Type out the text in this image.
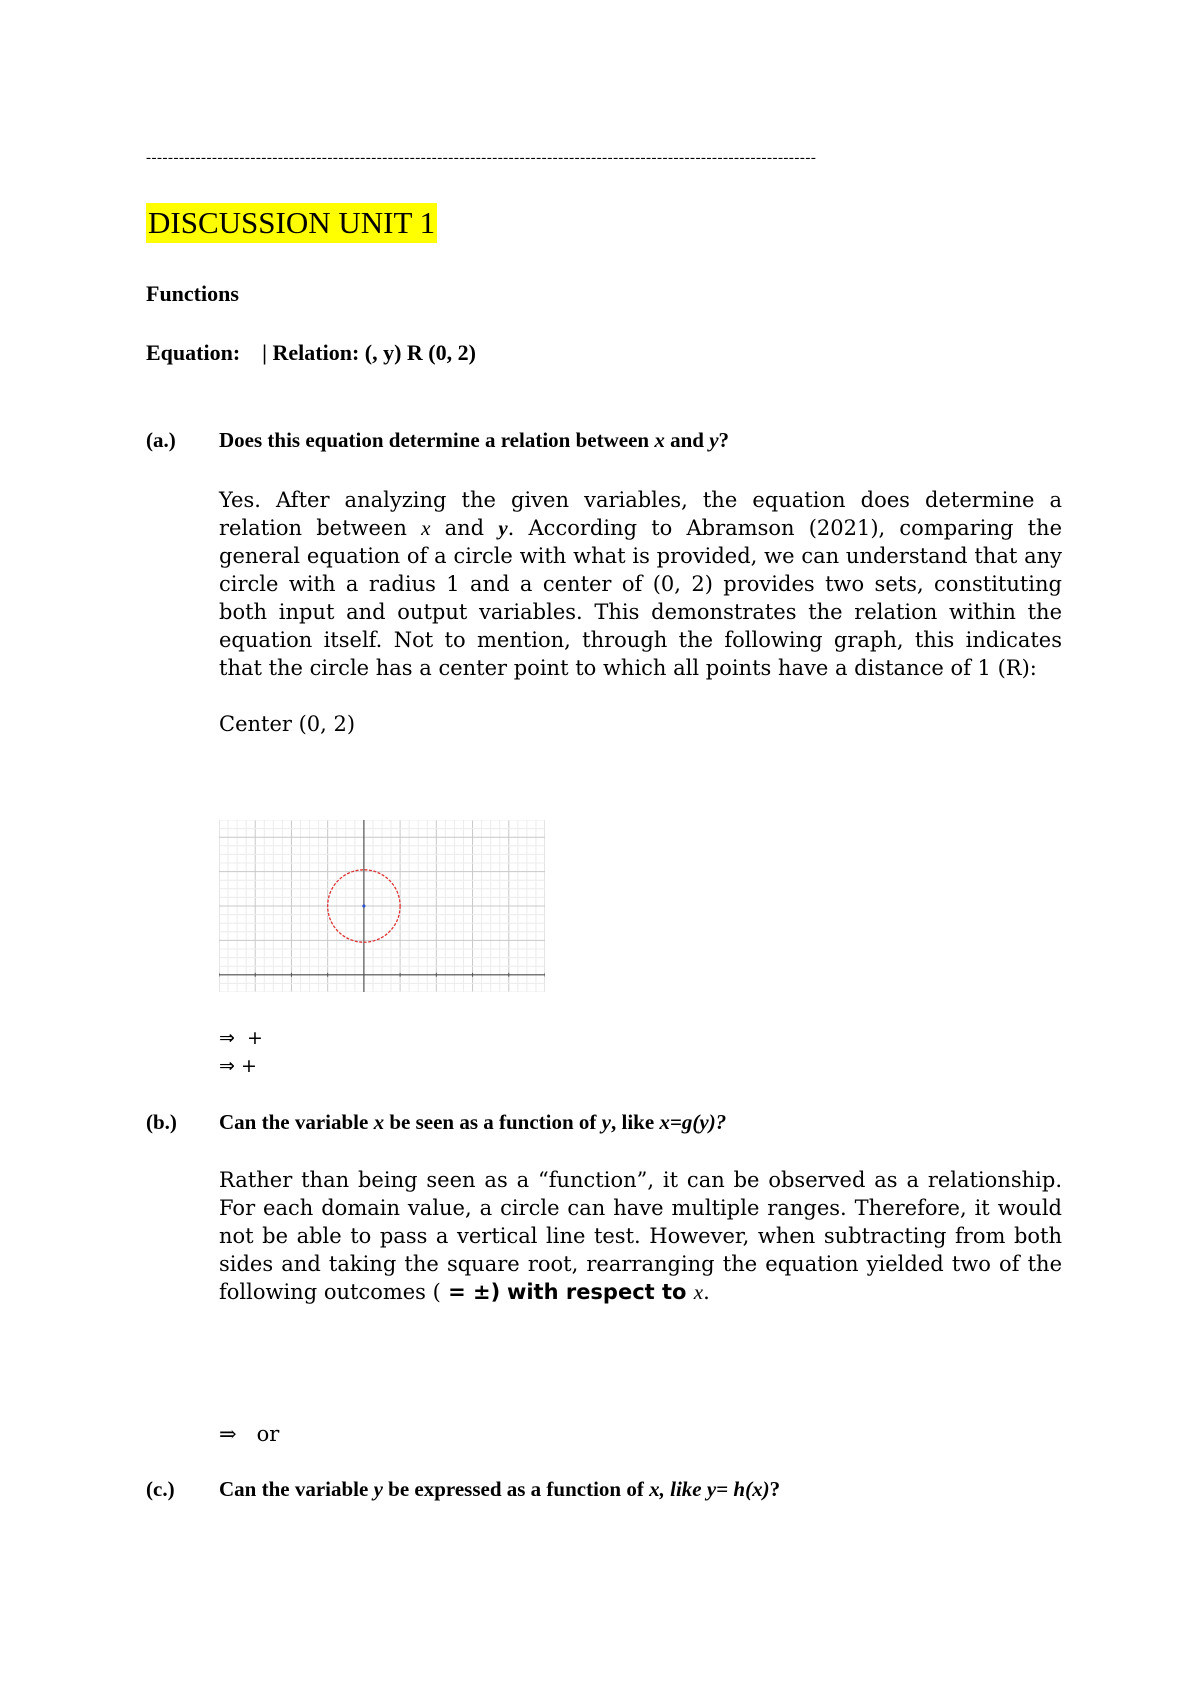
--------------------------------------------------------------------------------------------------------------------------
DISCUSSION UNIT 1
Functions
Equation: | Relation: (, y) R (0, 2)
(a.) Does this equation determine a relation between x and y?
Yes. After analyzing the given variables, the equation does determine a relation between x and y. According to Abramson (2021), comparing the general equation of a circle with what is provided, we can understand that any circle with a radius 1 and a center of (0, 2) provides two sets, constituting both input and output variables. This demonstrates the relation within the equation itself. Not to mention, through the following graph, this indicates that the circle has a center point to which all points have a distance of 1 (R):
Center (0, 2)
⇒  +
⇒ +
(b.) Can the variable x be seen as a function of y, like x=g(y)?
Rather than being seen as a “function”, it can be observed as a relationship. For each domain value, a circle can have multiple ranges. Therefore, it would not be able to pass a vertical line test. However, when subtracting from both sides and taking the square root, rearranging the equation yielded two of the following outcomes ( = ±) with respect to x.
⇒   or
(c.) Can the variable y be expressed as a function of x, like y= h(x)?
